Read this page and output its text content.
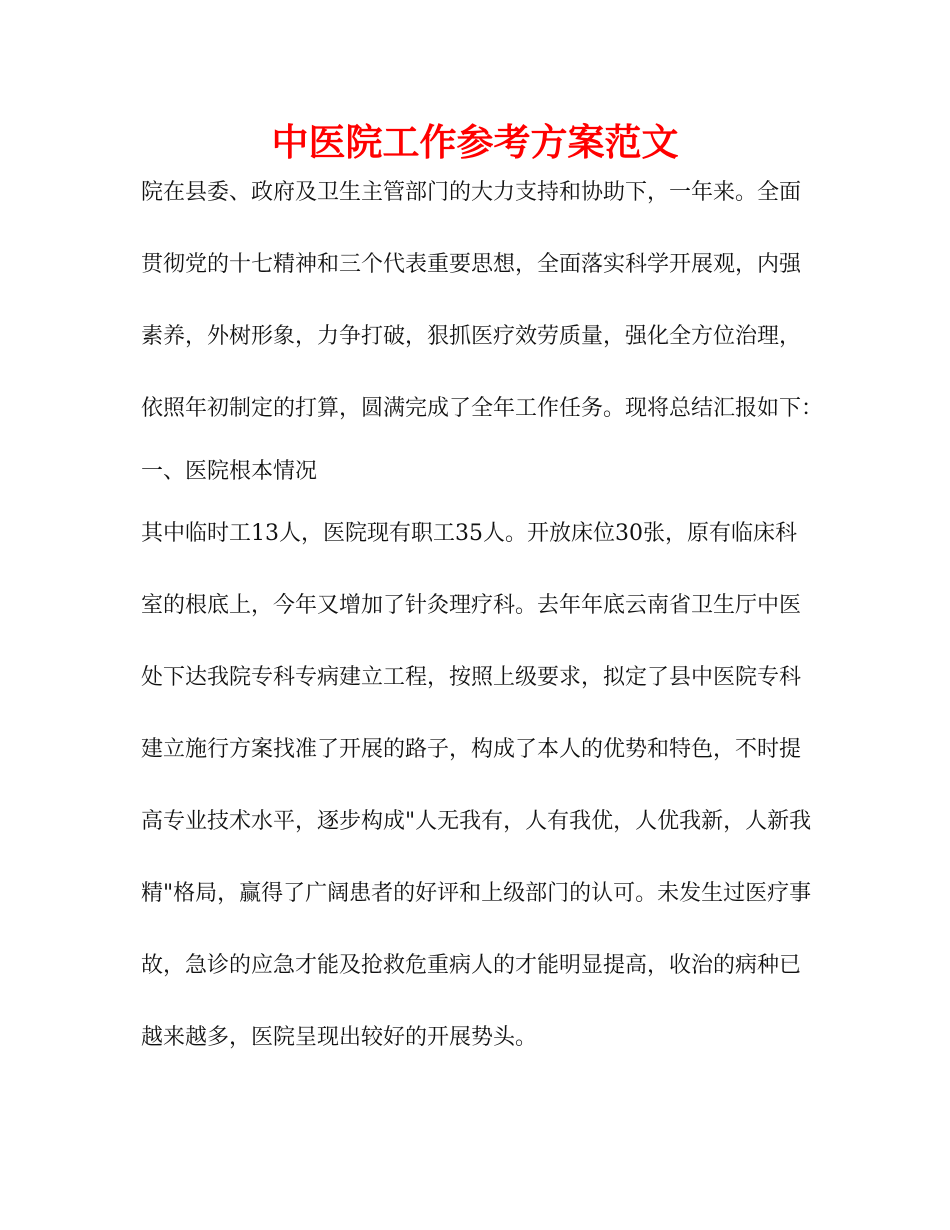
中医院工作参考方案范文
院在县委、政府及卫生主管部门的大力支持和协助下，一年来。全面
贯彻党的十七精神和三个代表重要思想，全面落实科学开展观，内强
素养，外树形象，力争打破，狠抓医疗效劳质量，强化全方位治理，
依照年初制定的打算，圆满完成了全年工作任务。现将总结汇报如下：
一、医院根本情况
其中临时工13人，医院现有职工35人。开放床位30张，原有临床科
室的根底上，今年又增加了针灸理疗科。去年年底云南省卫生厅中医
处下达我院专科专病建立工程，按照上级要求，拟定了县中医院专科
建立施行方案找准了开展的路子，构成了本人的优势和特色，不时提
高专业技术水平，逐步构成"人无我有，人有我优，人优我新，人新我
精"格局，赢得了广阔患者的好评和上级部门的认可。未发生过医疗事
故，急诊的应急才能及抢救危重病人的才能明显提高，收治的病种已
越来越多，医院呈现出较好的开展势头。
